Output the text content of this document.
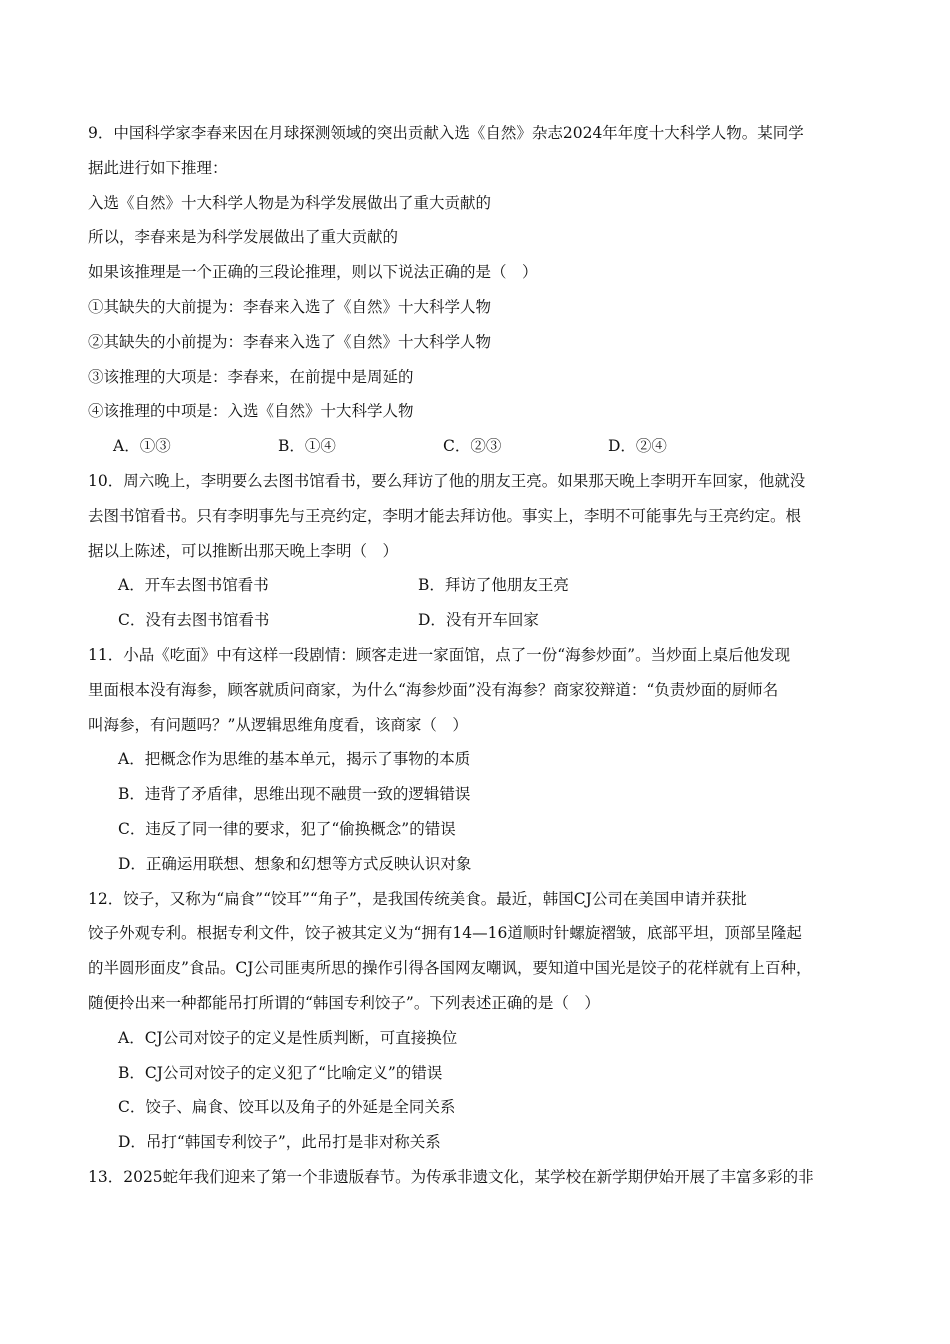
9．中国科学家李春来因在月球探测领域的突出贡献入选《自然》杂志2024年年度十大科学人物。某同学
据此进行如下推理：
入选《自然》十大科学人物是为科学发展做出了重大贡献的
所以，李春来是为科学发展做出了重大贡献的
如果该推理是一个正确的三段论推理，则以下说法正确的是（　）
①其缺失的大前提为：李春来入选了《自然》十大科学人物
②其缺失的小前提为：李春来入选了《自然》十大科学人物
③该推理的大项是：李春来，在前提中是周延的
④该推理的中项是：入选《自然》十大科学人物
A．①③	B．①④	C．②③	D．②④
10．周六晚上，李明要么去图书馆看书，要么拜访了他的朋友王亮。如果那天晚上李明开车回家，他就没
去图书馆看书。只有李明事先与王亮约定，李明才能去拜访他。事实上，李明不可能事先与王亮约定。根
据以上陈述，可以推断出那天晚上李明（　）
A．开车去图书馆看书	B．拜访了他朋友王亮
C．没有去图书馆看书	D．没有开车回家
11．小品《吃面》中有这样一段剧情：顾客走进一家面馆，点了一份“海参炒面”。当炒面上桌后他发现
里面根本没有海参，顾客就质问商家，为什么“海参炒面”没有海参？商家狡辩道：“负责炒面的厨师名
叫海参，有问题吗？”从逻辑思维角度看，该商家（　）
A．把概念作为思维的基本单元，揭示了事物的本质
B．违背了矛盾律，思维出现不融贯一致的逻辑错误
C．违反了同一律的要求，犯了“偷换概念”的错误
D．正确运用联想、想象和幻想等方式反映认识对象
12．饺子，又称为“扁食”“饺耳”“角子”，是我国传统美食。最近，韩国CJ公司在美国申请并获批
饺子外观专利。根据专利文件，饺子被其定义为“拥有14—16道顺时针螺旋褶皱，底部平坦，顶部呈隆起
的半圆形面皮”食品。CJ公司匪夷所思的操作引得各国网友嘲讽，要知道中国光是饺子的花样就有上百种，
随便拎出来一种都能吊打所谓的“韩国专利饺子”。下列表述正确的是（　）
A．CJ公司对饺子的定义是性质判断，可直接换位
B．CJ公司对饺子的定义犯了“比喻定义”的错误
C．饺子、扁食、饺耳以及角子的外延是全同关系
D．吊打“韩国专利饺子”，此吊打是非对称关系
13．2025蛇年我们迎来了第一个非遗版春节。为传承非遗文化，某学校在新学期伊始开展了丰富多彩的非
